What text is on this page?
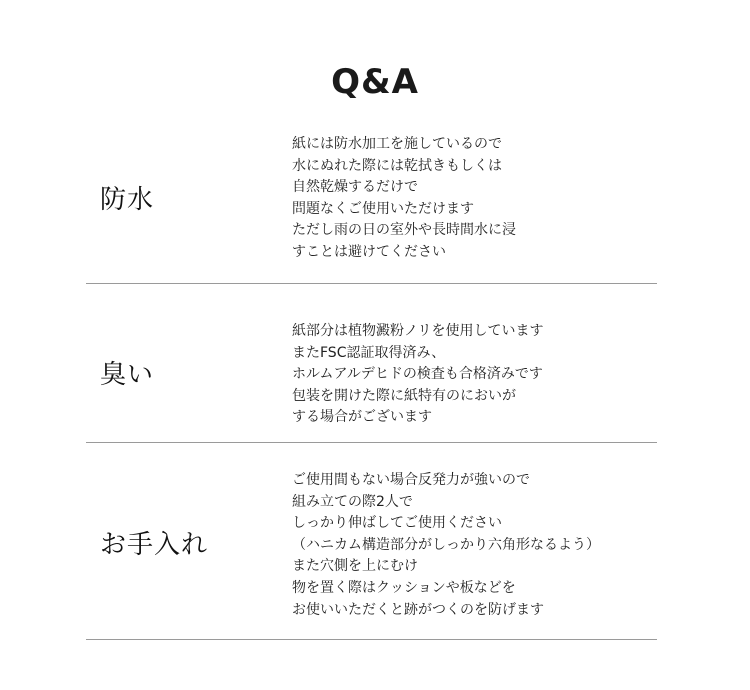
Q&A
防水
紙には防水加工を施しているので
水にぬれた際には乾拭きもしくは
自然乾燥するだけで
問題なくご使用いただけます
ただし雨の日の室外や長時間水に浸
すことは避けてください
臭い
紙部分は植物澱粉ノリを使用しています
またFSC認証取得済み、
ホルムアルデヒドの検査も合格済みです
包装を開けた際に紙特有のにおいが
する場合がございます
お手入れ
ご使用間もない場合反発力が強いので
組み立ての際2人で
しっかり伸ばしてご使用ください
（ハニカム構造部分がしっかり六角形なるよう）
また穴側を上にむけ
物を置く際はクッションや板などを
お使いいただくと跡がつくのを防げます
